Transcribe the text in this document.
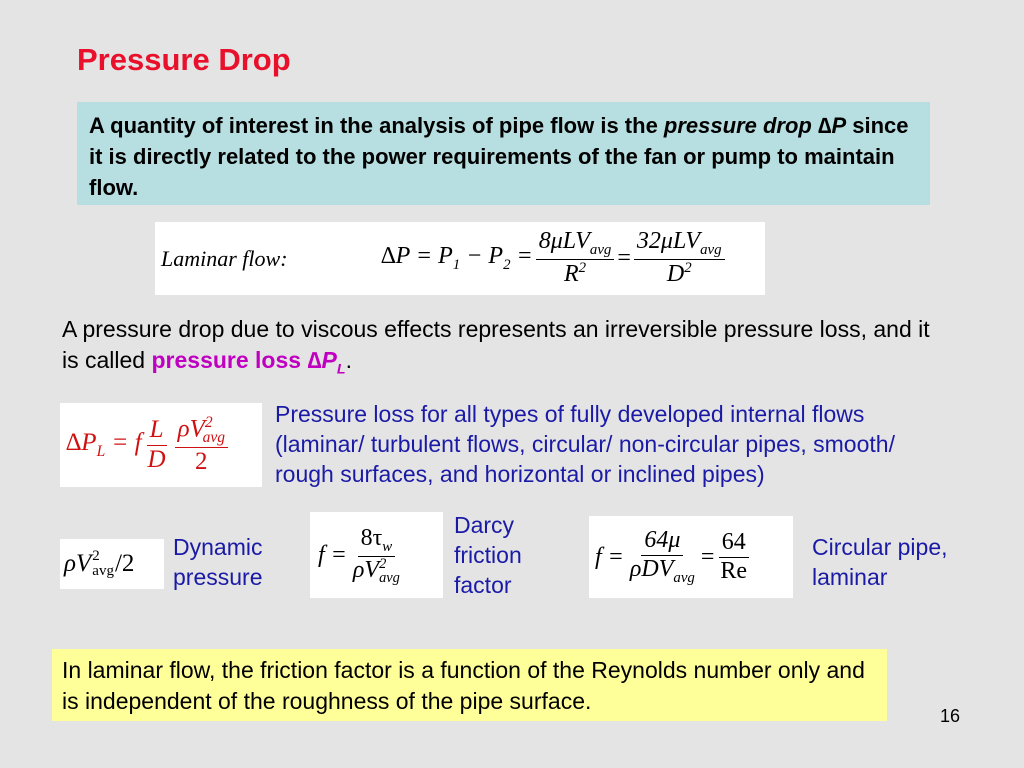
Pressure Drop
A quantity of interest in the analysis of pipe flow is the pressure drop ∆P since it is directly related to the power requirements of the fan or pump to maintain flow.
Laminar flow:	$\Delta P = P_1 - P_2 = \frac{8\mu LV_{avg}}{R^2} = \frac{32\mu LV_{avg}}{D^2}$
A pressure drop due to viscous effects represents an irreversible pressure loss, and it is called pressure loss $\Delta P_L$.
$\Delta P_L = f \frac{L}{D} \frac{\rho V^2_{avg}}{2}$ Pressure loss for all types of fully developed internal flows (laminar/ turbulent flows, circular/ non-circular pipes, smooth/ rough surfaces, and horizontal or inclined pipes)
ρV 2
avg /2
Dynamic
pressure
$f = 8\tau_w$
ρV 2
avg Darcy
friction
factor
$f = \frac{64\mu}{\rho DV_{avg}} = \frac{64}{Re}$	Circular pipe,
laminar
In laminar flow, the friction factor is a function of the Reynolds number only and is independent of the roughness of the pipe surface.
16
